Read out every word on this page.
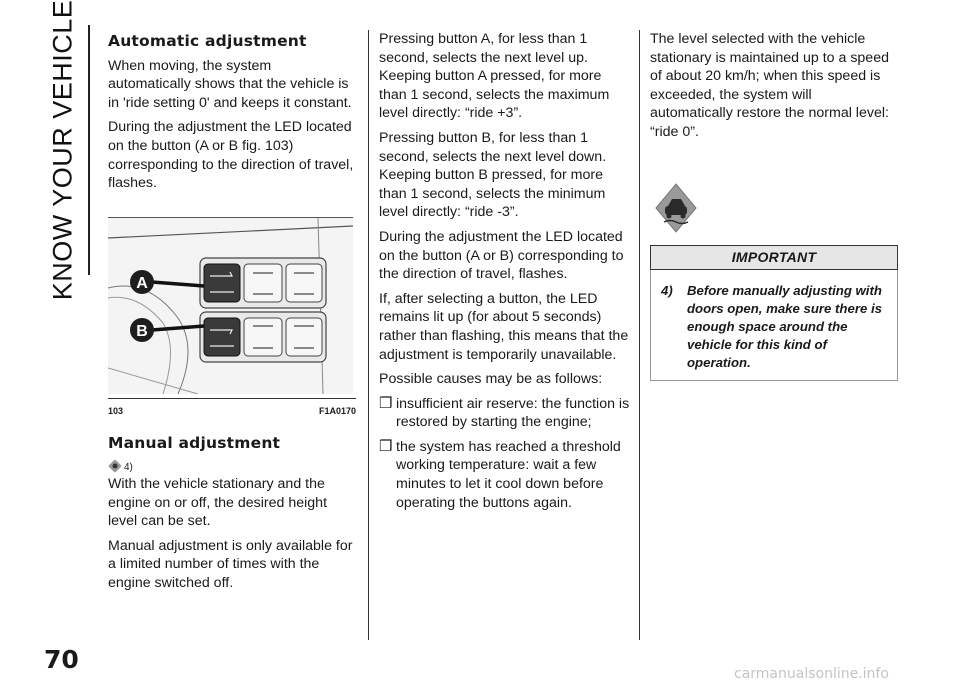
KNOW YOUR VEHICLE Automatic adjustment

When moving, the system automatically shows that the vehicle is in 'ride setting 0' and keeps it constant.

During the adjustment the LED located on the button (A or B fig. 103) corresponding to the direction of travel, flashes.

A
B
103	F1A0170
Manual adjustment
4)

With the vehicle stationary and the engine on or off, the desired height level can be set.

Manual adjustment is only available for a limited number of times with the engine switched off.

Pressing button A, for less than 1 second, selects the next level up. Keeping button A pressed, for more than 1 second, selects the maximum level directly: “ride +3”.

Pressing button B, for less than 1 second, selects the next level down. Keeping button B pressed, for more than 1 second, selects the minimum level directly: “ride -3”.

During the adjustment the LED located on the button (A or B) corresponding to the direction of travel, flashes.

If, after selecting a button, the LED remains lit up (for about 5 seconds) rather than flashing, this means that the adjustment is temporarily unavailable.

Possible causes may be as follows:

❒ insufficient air reserve: the function is restored by starting the engine;
❒ the system has reached a threshold working temperature: wait a few minutes to let it cool down before operating the buttons again.

The level selected with the vehicle stationary is maintained up to a speed of about 20 km/h; when this speed is exceeded, the system will automatically restore the normal level: “ride 0”.

IMPORTANT
4)	Before manually adjusting with doors open, make sure there is enough space around the vehicle for this kind of operation.
70	carmanualsonline.info
